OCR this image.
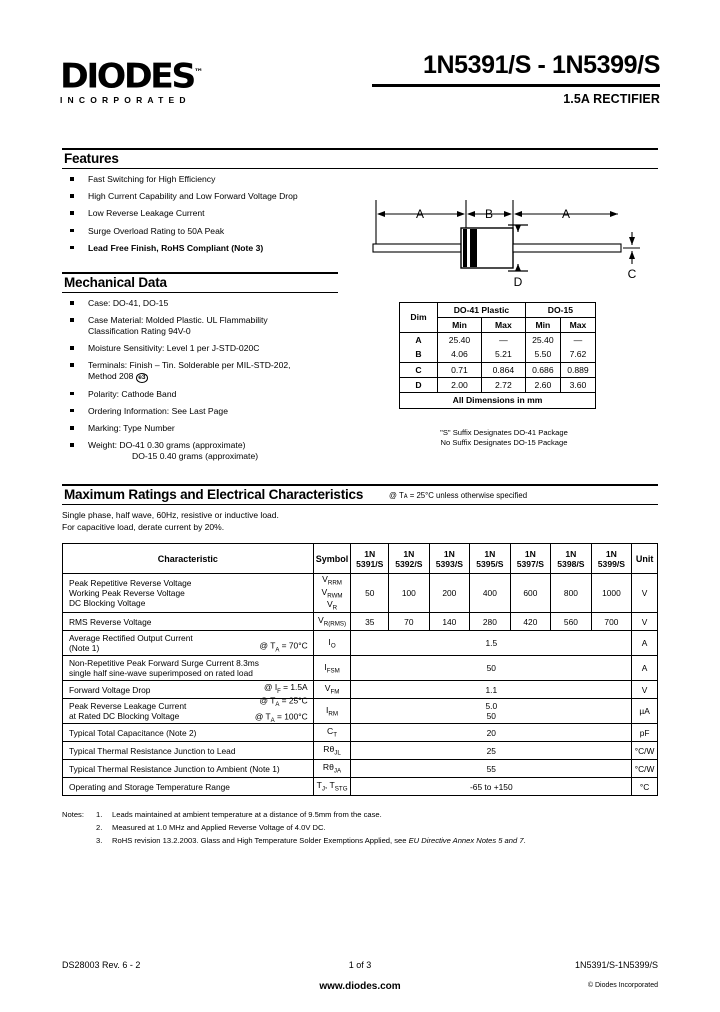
DIODES™
INCORPORATED
1N5391/S - 1N5399/S
1.5A RECTIFIER
Features
Fast Switching for High Efficiency
High Current Capability and Low Forward Voltage Drop
Low Reverse Leakage Current
Surge Overload Rating to 50A Peak
Lead Free Finish, RoHS Compliant (Note 3)
Mechanical Data
Case: DO-41, DO-15
Case Material: Molded Plastic. UL Flammability
Classification Rating 94V-0
Moisture Sensitivity: Level 1 per J-STD-020C
Terminals: Finish – Tin. Solderable per MIL-STD-202,
Method 208 e3
Polarity: Cathode Band
Ordering Information: See Last Page
Marking: Type Number
Weight: DO-41 0.30 grams (approximate)
DO-15 0.40 grams (approximate)
A	B	A
D
C
Dim	DO-41 Plastic		DO-15	
	Min	Max	Min	Max
A	25.40	—	25.40	—
B	4.06	5.21	5.50	7.62
C	0.71	0.864	0.686	0.889
D	2.00	2.72	2.60	3.60
All Dimensions in mm				
"S" Suffix Designates DO-41 Package
No Suffix Designates DO-15 Package
Maximum Ratings and Electrical Characteristics	@ Tᴀ = 25°C unless otherwise specified
Single phase, half wave, 60Hz, resistive or inductive load.
For capacitive load, derate current by 20%.
Characteristic	Symbol	1N
5391/S	1N
5392/S	1N
5393/S	1N
5395/S	1N
5397/S	1N
5398/S	1N
5399/S	Unit
Peak Repetitive Reverse Voltage
Working Peak Reverse Voltage
DC Blocking Voltage	$V_{RRM}$
$V_{RWM}$
$V_R$	50	100	200	400	600	800	1000	V
RMS Reverse Voltage	$V_{R(RMS)}$	35	70	140	280	420	560	700	V
Average Rectified Output Current
(Note 1) @ $T_A = 70^\circ C$	$I_O$	1.5							A
Non-Repetitive Peak Forward Surge Current 8.3ms
single half sine-wave superimposed on rated load	$I_{FSM}$	50							A
Forward Voltage Drop @ $I_F = 1.5A$	$V_{FM}$	1.1							V
Peak Reverse Leakage Current
at Rated DC Blocking Voltage
@ $T_A = 25^\circ C$
@ $T_A = 100^\circ C$	$I_{RM}$	5.0
50							µA
Typical Total Capacitance (Note 2)	$C_T$	20							pF
Typical Thermal Resistance Junction to Lead	$R\theta_{JL}$	25							°C/W
Typical Thermal Resistance Junction to Ambient (Note 1)	$R\theta_{JA}$	55							°C/W
Operating and Storage Temperature Range	$T_J$, $T_{STG}$	-65 to +150							°C
Notes: 1. Leads maintained at ambient temperature at a distance of 9.5mm from the case.
2. Measured at 1.0 MHz and Applied Reverse Voltage of 4.0V DC.
3. RoHS revision 13.2.2003. Glass and High Temperature Solder Exemptions Applied, see EU Directive Annex Notes 5 and 7.
DS28003 Rev. 6 - 2	1 of 3
www.diodes.com
1N5391/S-1N5399/S
© Diodes Incorporated
